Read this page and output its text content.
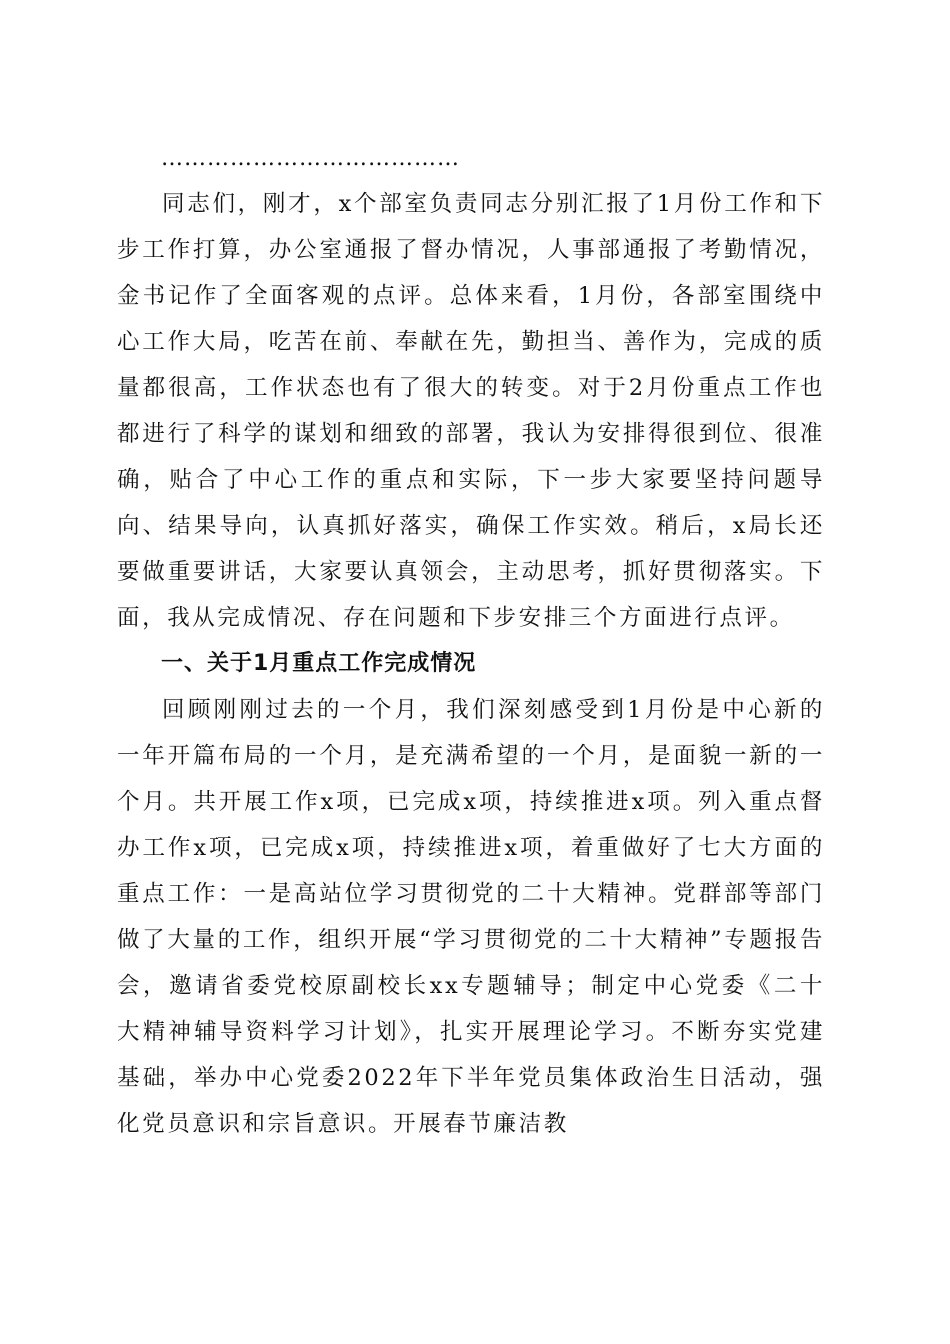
…………………………………

同志们，刚才，x个部室负责同志分别汇报了1月份工作和下步工作打算，办公室通报了督办情况，人事部通报了考勤情况，金书记作了全面客观的点评。总体来看，1月份，各部室围绕中心工作大局，吃苦在前、奉献在先，勤担当、善作为，完成的质量都很高，工作状态也有了很大的转变。对于2月份重点工作也都进行了科学的谋划和细致的部署，我认为安排得很到位、很准确，贴合了中心工作的重点和实际，下一步大家要坚持问题导向、结果导向，认真抓好落实，确保工作实效。稍后，x局长还要做重要讲话，大家要认真领会，主动思考，抓好贯彻落实。下面，我从完成情况、存在问题和下步安排三个方面进行点评。

一、关于1月重点工作完成情况

回顾刚刚过去的一个月，我们深刻感受到1月份是中心新的一年开篇布局的一个月，是充满希望的一个月，是面貌一新的一个月。共开展工作x项，已完成x项，持续推进x项。列入重点督办工作x项，已完成x项，持续推进x项，着重做好了七大方面的重点工作：一是高站位学习贯彻党的二十大精神。党群部等部门做了大量的工作，组织开展“学习贯彻党的二十大精神”专题报告会，邀请省委党校原副校长xx专题辅导；制定中心党委《二十大精神辅导资料学习计划》，扎实开展理论学习。不断夯实党建基础，举办中心党委2022年下半年党员集体政治生日活动，强化党员意识和宗旨意识。开展春节廉洁教
